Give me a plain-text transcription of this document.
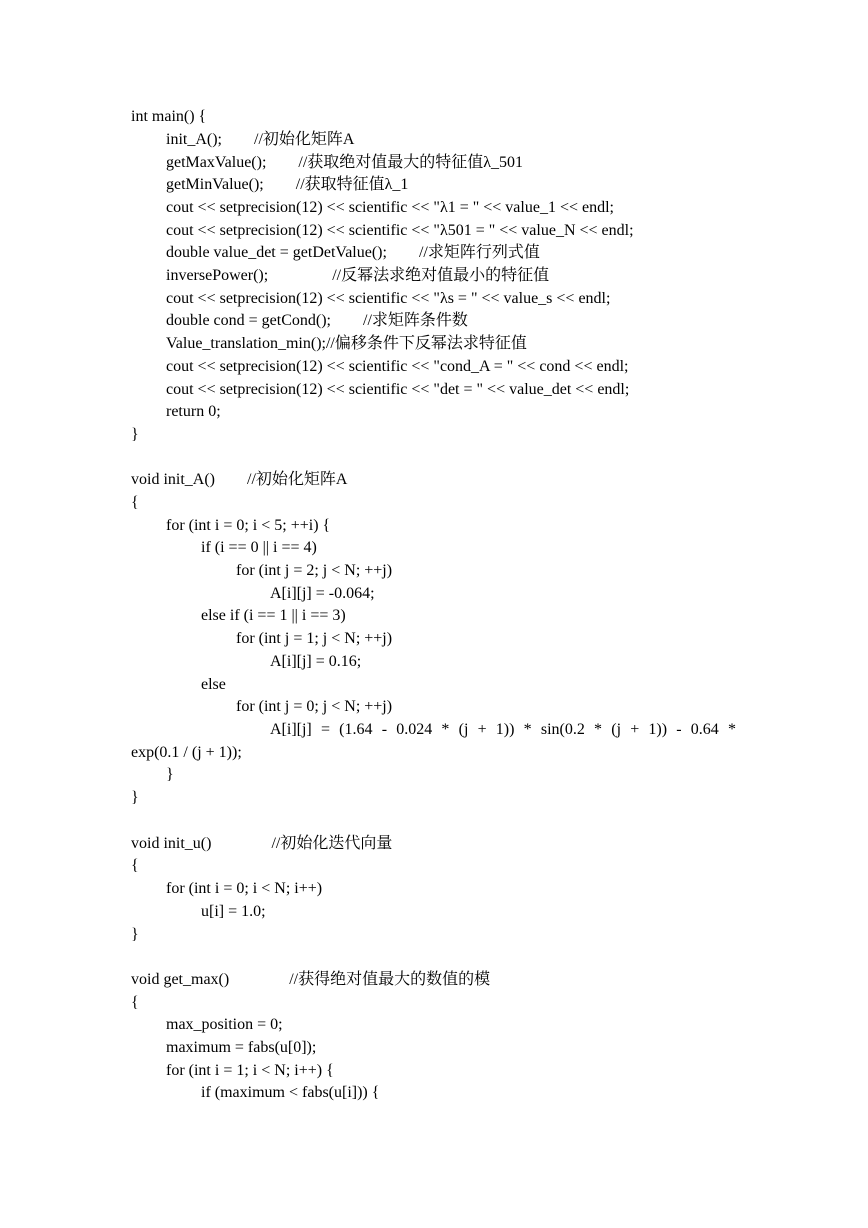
int main() {
init_A();        //初始化矩阵A
getMaxValue();        //获取绝对值最大的特征值λ_501
getMinValue();        //获取特征值λ_1
cout << setprecision(12) << scientific << "λ1 = " << value_1 << endl;
cout << setprecision(12) << scientific << "λ501 = " << value_N << endl;
double value_det = getDetValue();        //求矩阵行列式值
inversePower();                //反幂法求绝对值最小的特征值
cout << setprecision(12) << scientific << "λs = " << value_s << endl;
double cond = getCond();        //求矩阵条件数
Value_translation_min();//偏移条件下反幂法求特征值
cout << setprecision(12) << scientific << "cond_A = " << cond << endl;
cout << setprecision(12) << scientific << "det = " << value_det << endl;
return 0;
}
void init_A()        //初始化矩阵A
{
for (int i = 0; i < 5; ++i) {
if (i == 0 || i == 4)
for (int j = 2; j < N; ++j)
A[i][j] = -0.064;
else if (i == 1 || i == 3)
for (int j = 1; j < N; ++j)
A[i][j] = 0.16;
else
for (int j = 0; j < N; ++j)
A[i][j] = (1.64 - 0.024 * (j + 1)) * sin(0.2 * (j + 1)) - 0.64 *
exp(0.1 / (j + 1));
}
}
void init_u()               //初始化迭代向量
{
for (int i = 0; i < N; i++)
u[i] = 1.0;
}
void get_max()               //获得绝对值最大的数值的模
{
max_position = 0;
maximum = fabs(u[0]);
for (int i = 1; i < N; i++) {
if (maximum < fabs(u[i])) {
